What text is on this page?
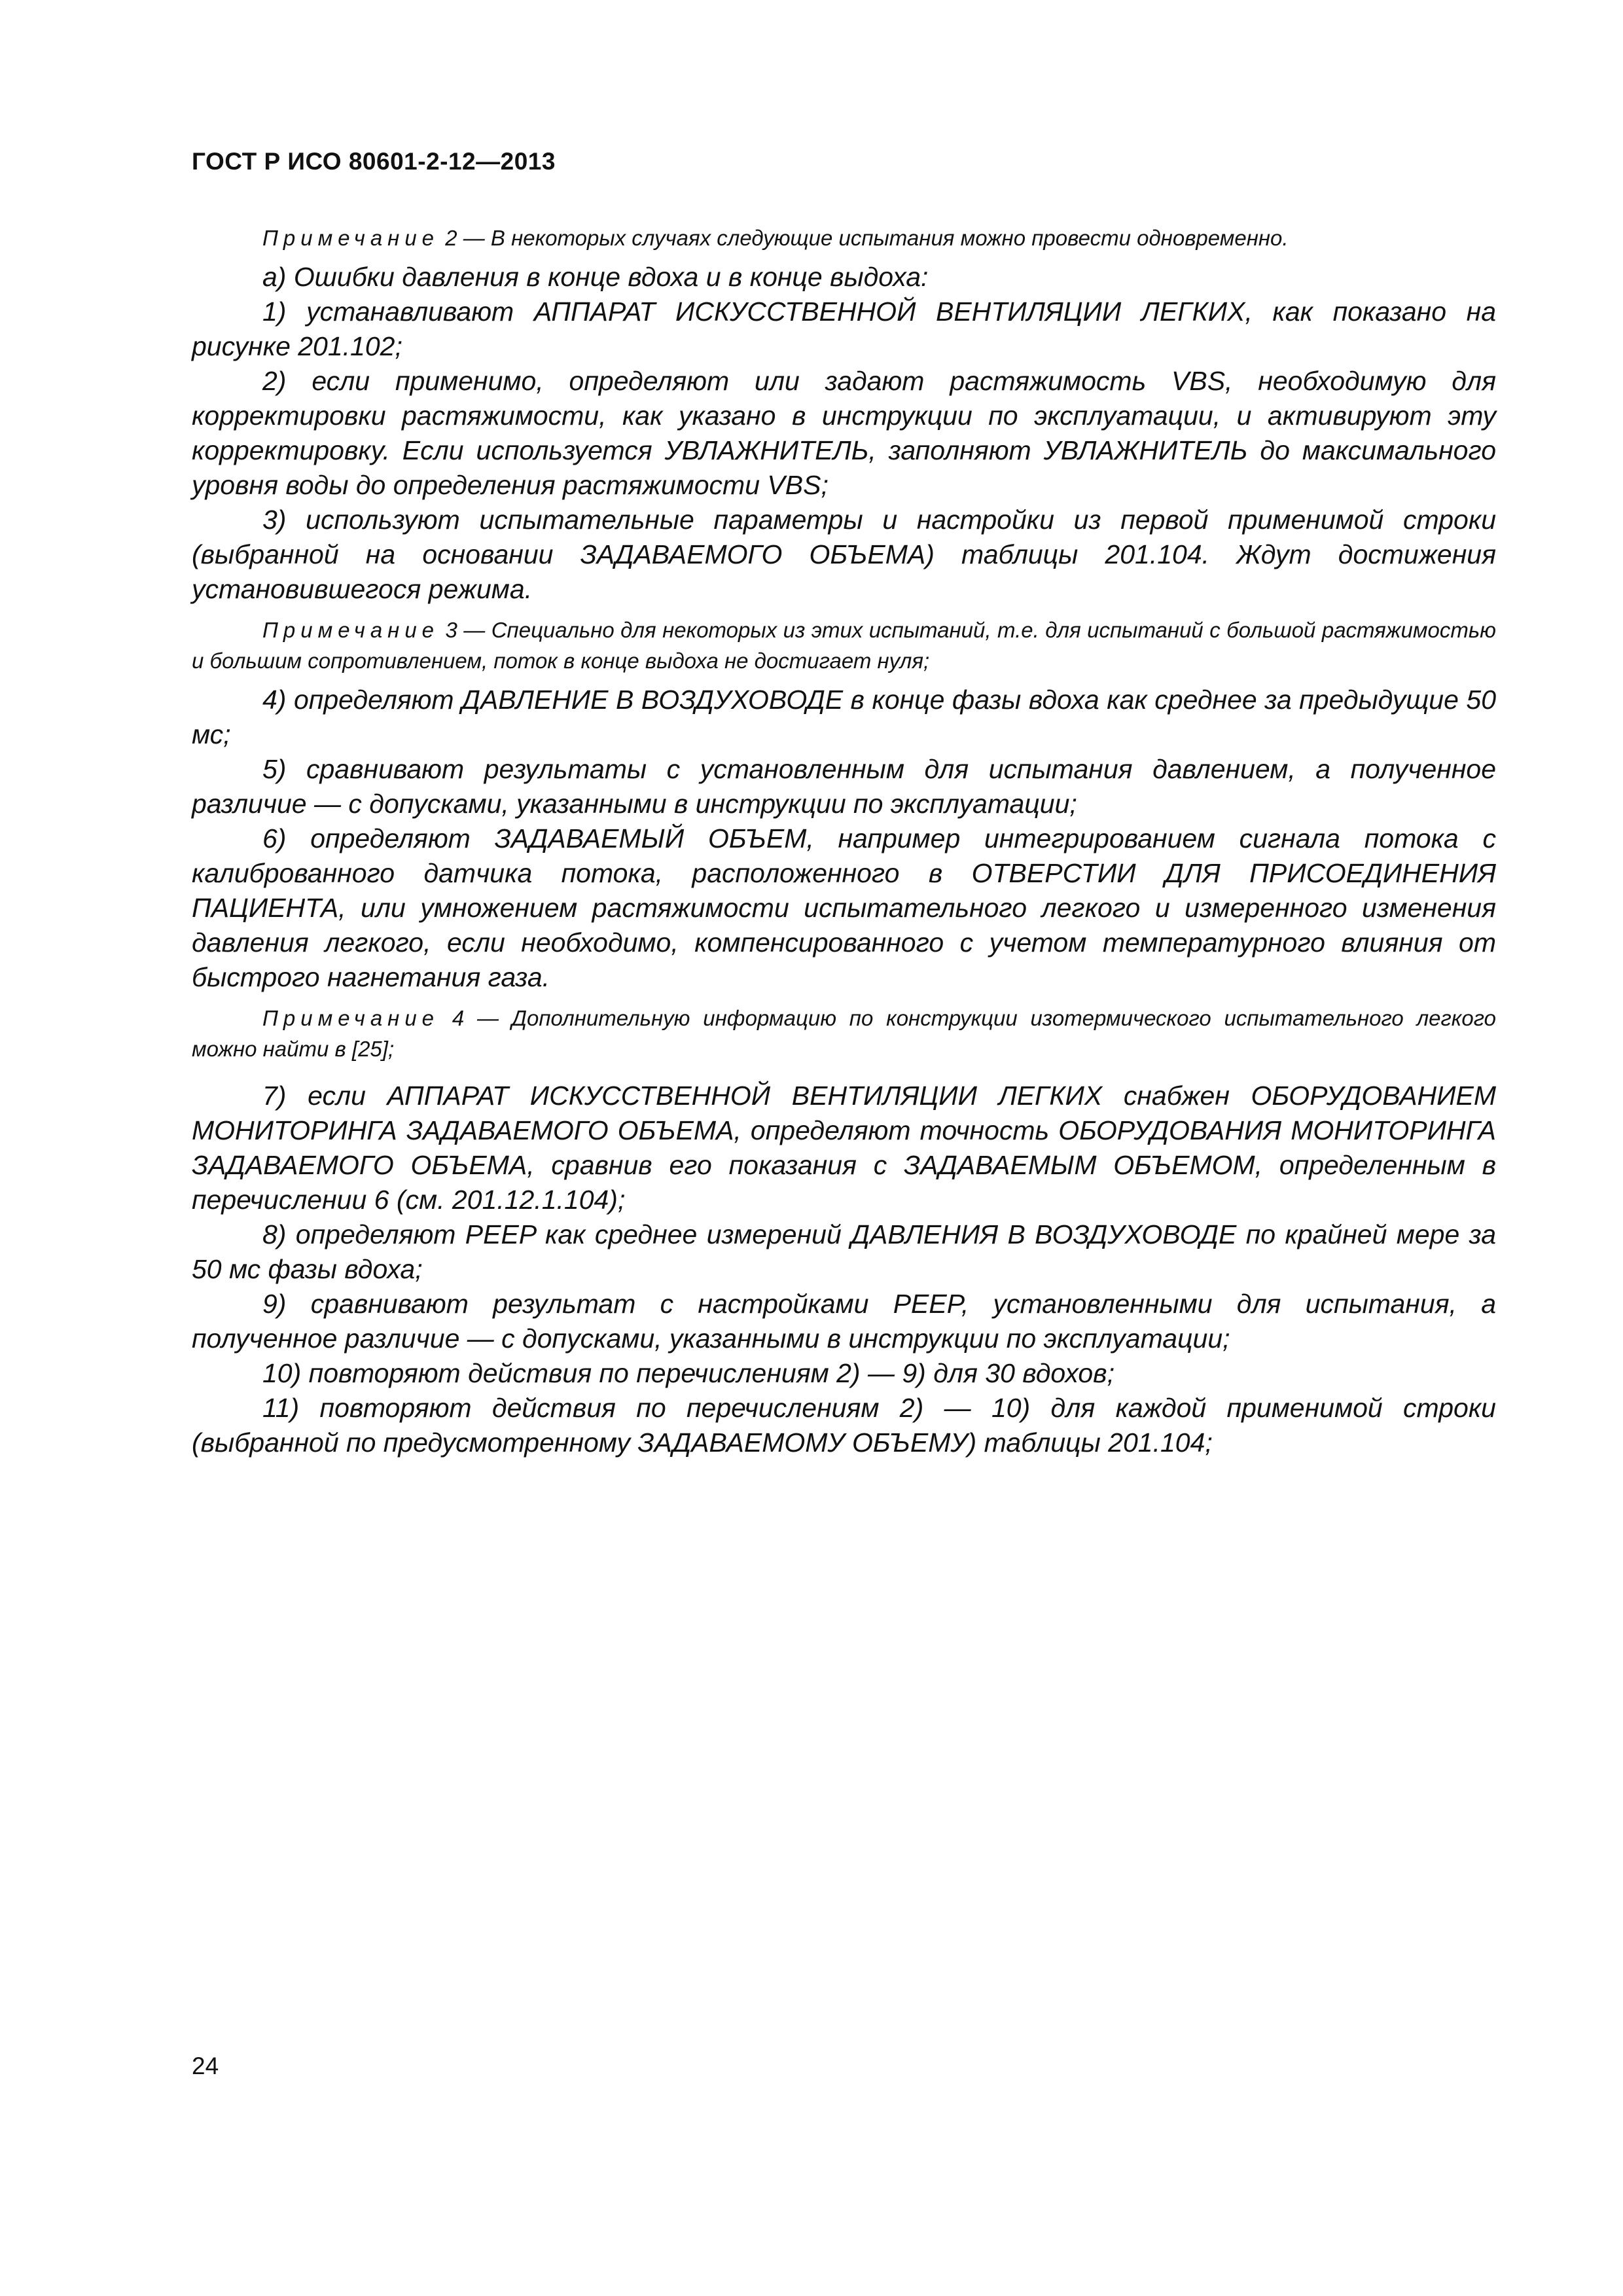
ГОСТ Р ИСО 80601-2-12—2013

Примечание 2 — В некоторых случаях следующие испытания можно провести одновременно.

а) Ошибки давления в конце вдоха и в конце выдоха:

1) устанавливают АППАРАТ ИСКУССТВЕННОЙ ВЕНТИЛЯЦИИ ЛЕГКИХ, как показано на рисунке 201.102;

2) если применимо, определяют или задают растяжимость VBS, необходимую для корректировки растяжимости, как указано в инструкции по эксплуатации, и активируют эту корректировку. Если используется УВЛАЖНИТЕЛЬ, заполняют УВЛАЖНИТЕЛЬ до максимального уровня воды до определения растяжимости VBS;

3) используют испытательные параметры и настройки из первой применимой строки (выбранной на основании ЗАДАВАЕМОГО ОБЪЕМА) таблицы 201.104. Ждут достижения установившегося режима.

Примечание 3 — Специально для некоторых из этих испытаний, т.е. для испытаний с большой растяжимостью и большим сопротивлением, поток в конце выдоха не достигает нуля;

4) определяют ДАВЛЕНИЕ В ВОЗДУХОВОДЕ в конце фазы вдоха как среднее за предыдущие 50 мс;

5) сравнивают результаты с установленным для испытания давлением, а полученное различие — с допусками, указанными в инструкции по эксплуатации;

6) определяют ЗАДАВАЕМЫЙ ОБЪЕМ, например интегрированием сигнала потока с калиброванного датчика потока, расположенного в ОТВЕРСТИИ ДЛЯ ПРИСОЕДИНЕНИЯ ПАЦИЕНТА, или умножением растяжимости испытательного легкого и измеренного изменения давления легкого, если необходимо, компенсированного с учетом температурного влияния от быстрого нагнетания газа.

Примечание 4 — Дополнительную информацию по конструкции изотермического испытательного легкого можно найти в [25];

7) если АППАРАТ ИСКУССТВЕННОЙ ВЕНТИЛЯЦИИ ЛЕГКИХ снабжен ОБОРУДОВАНИЕМ МОНИТОРИНГА ЗАДАВАЕМОГО ОБЪЕМА, определяют точность ОБОРУДОВАНИЯ МОНИТОРИНГА ЗАДАВАЕМОГО ОБЪЕМА, сравнив его показания с ЗАДАВАЕМЫМ ОБЪЕМОМ, определенным в перечислении 6 (см. 201.12.1.104);

8) определяют PEEP как среднее измерений ДАВЛЕНИЯ В ВОЗДУХОВОДЕ по крайней мере за 50 мс фазы вдоха;

9) сравнивают результат с настройками PEEP, установленными для испытания, а полученное различие — с допусками, указанными в инструкции по эксплуатации;

10) повторяют действия по перечислениям 2) — 9) для 30 вдохов;

11) повторяют действия по перечислениям 2) — 10) для каждой применимой строки (выбранной по предусмотренному ЗАДАВАЕМОМУ ОБЪЕМУ) таблицы 201.104;

24
